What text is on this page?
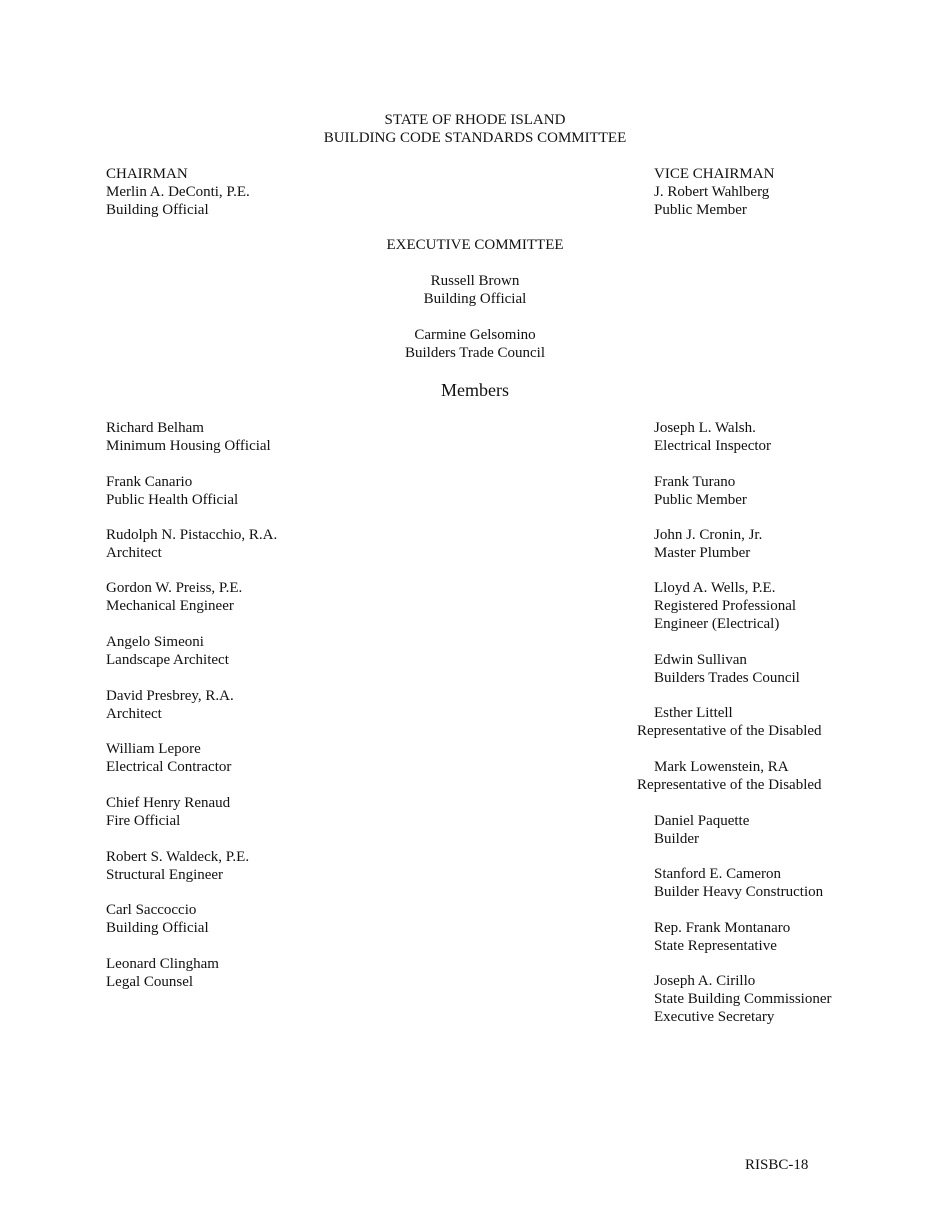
STATE OF RHODE ISLAND
BUILDING CODE STANDARDS COMMITTEE
CHAIRMAN
Merlin A. DeConti, P.E.
Building Official
VICE CHAIRMAN
J. Robert Wahlberg
Public Member
EXECUTIVE COMMITTEE
Russell Brown
Building Official
Carmine Gelsomino
Builders Trade Council
Members
Richard Belham
Minimum Housing Official
Frank Canario
Public Health Official
Rudolph N. Pistacchio, R.A.
Architect
Gordon W. Preiss, P.E.
Mechanical Engineer
Angelo Simeoni
Landscape Architect
David Presbrey, R.A.
Architect
William Lepore
Electrical Contractor
Chief Henry Renaud
Fire Official
Robert S. Waldeck, P.E.
Structural Engineer
Carl Saccoccio
Building Official
Leonard Clingham
Legal Counsel
Joseph L. Walsh.
Electrical Inspector
Frank Turano
Public Member
John J. Cronin, Jr.
Master Plumber
Lloyd A. Wells, P.E.
Registered Professional
Engineer (Electrical)
Edwin Sullivan
Builders Trades Council
Esther Littell
Representative of the Disabled
Mark Lowenstein, RA
Representative of the Disabled
Daniel Paquette
Builder
Stanford E. Cameron
Builder Heavy Construction
Rep. Frank Montanaro
State Representative
Joseph A. Cirillo
State Building Commissioner
Executive Secretary
RISBC-18
